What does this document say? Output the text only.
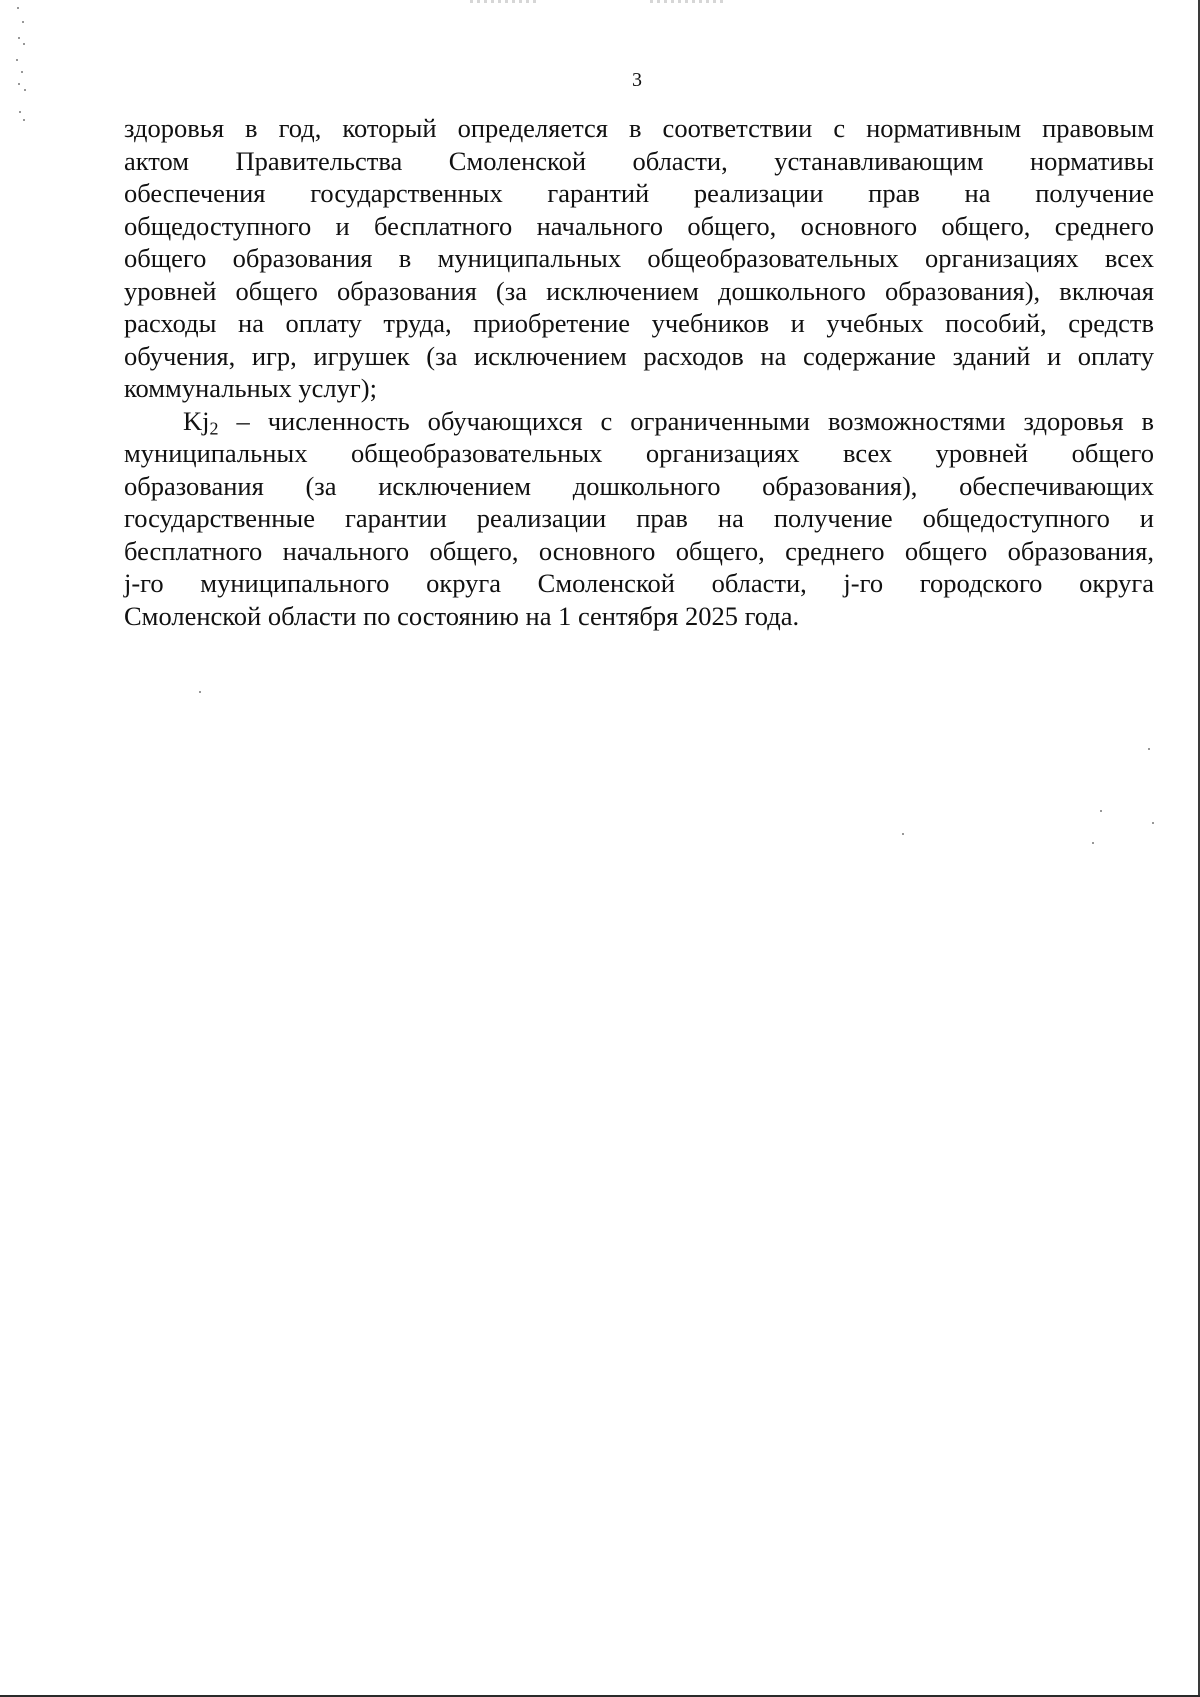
3
здоровья в год, который определяется в соответствии с нормативным правовым
актом Правительства Смоленской области, устанавливающим нормативы
обеспечения государственных гарантий реализации прав на получение
общедоступного и бесплатного начального общего, основного общего, среднего
общего образования в муниципальных общеобразовательных организациях всех
уровней общего образования (за исключением дошкольного образования), включая
расходы на оплату труда, приобретение учебников и учебных пособий, средств
обучения, игр, игрушек (за исключением расходов на содержание зданий и оплату
коммунальных услуг);
$Kj_2$ – численность обучающихся с ограниченными возможностями здоровья в
муниципальных общеобразовательных организациях всех уровней общего
образования (за исключением дошкольного образования), обеспечивающих
государственные гарантии реализации прав на получение общедоступного и
бесплатного начального общего, основного общего, среднего общего образования,
j-го муниципального округа Смоленской области, j-го городского округа
Смоленской области по состоянию на 1 сентября 2025 года.
